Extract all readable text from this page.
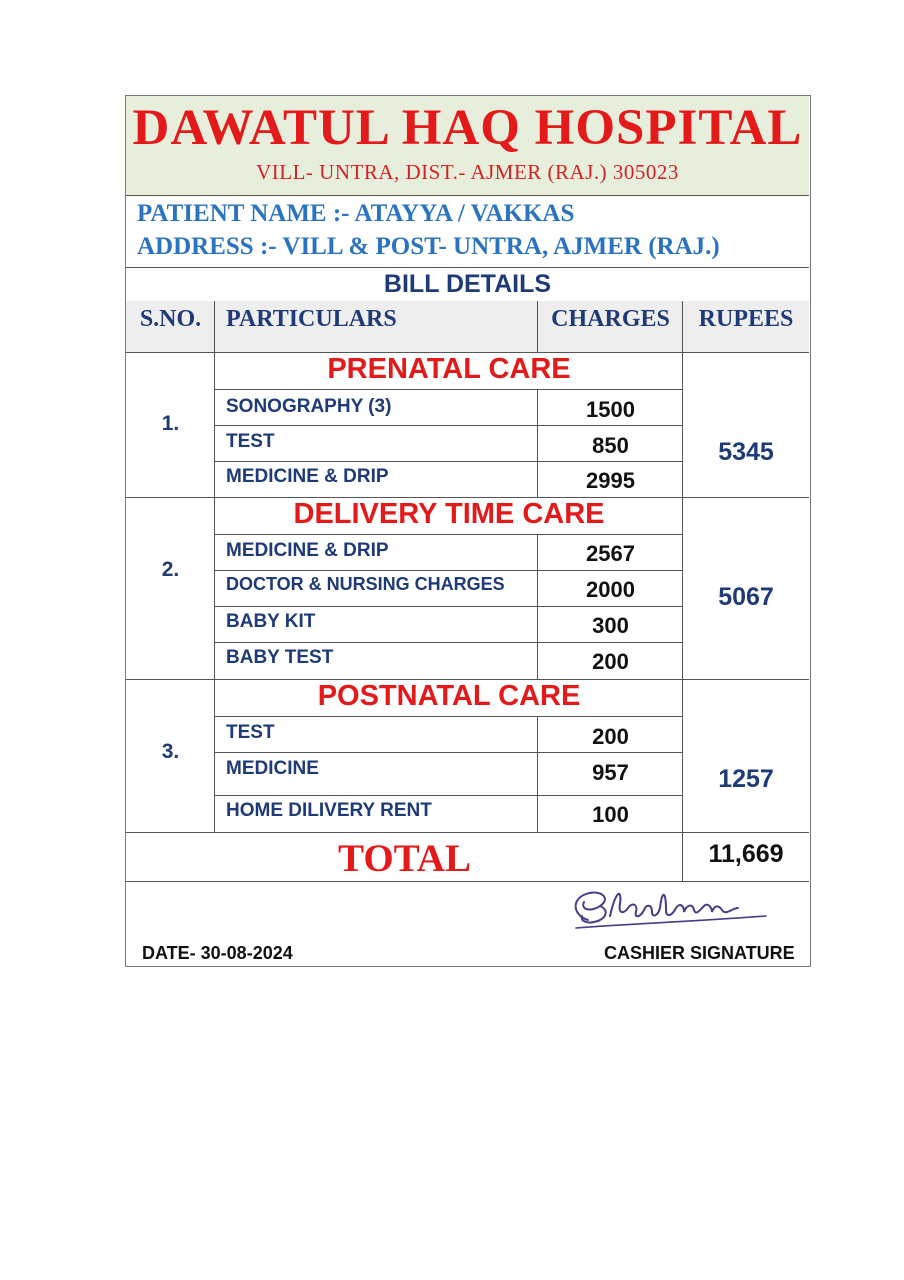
DAWATUL HAQ HOSPITAL
VILL- UNTRA, DIST.- AJMER (RAJ.) 305023
PATIENT NAME :- ATAYYA / VAKKAS
ADDRESS :- VILL & POST- UNTRA, AJMER (RAJ.)
BILL DETAILS
S.NO.	PARTICULARS	CHARGES	RUPEES
PRENATAL CARE
1.
SONOGRAPHY (3)	1500
TEST	850
MEDICINE & DRIP	2995
5345
DELIVERY TIME CARE
2.
MEDICINE & DRIP	2567
DOCTOR & NURSING CHARGES	2000
BABY KIT	300
BABY TEST	200
5067
POSTNATAL CARE
3.
TEST	200
MEDICINE	957
HOME DILIVERY RENT	100
1257
TOTAL	11,669
DATE- 30-08-2024	CASHIER SIGNATURE
